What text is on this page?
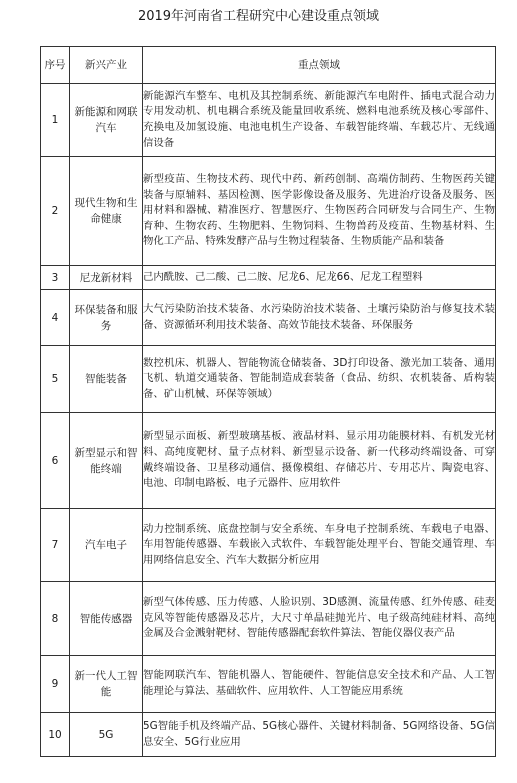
2019年河南省工程研究中心建设重点领域
序号	新兴产业	重点领域
1	新能源和网联汽车	新能源汽车整车、电机及其控制系统、新能源汽车电附件、插电式混合动力专用发动机、机电耦合系统及能量回收系统、燃料电池系统及核心零部件、充换电及加氢设施、电池电机生产设备、车载智能终端、车载芯片、无线通信设备
2	现代生物和生命健康	新型疫苗、生物技术药、现代中药、新药创制、高端仿制药、生物医药关键装备与原辅料、基因检测、医学影像设备及服务、先进治疗设备及服务、医用材料和器械、精准医疗、智慧医疗、生物医药合同研发与合同生产、生物育种、生物农药、生物肥料、生物饲料、生物兽药及疫苗、生物基材料、生物化工产品、特殊发酵产品与生物过程装备、生物质能产品和装备
3	尼龙新材料	己内酰胺、己二酸、己二胺、尼龙6、尼龙66、尼龙工程塑料
4	环保装备和服务	大气污染防治技术装备、水污染防治技术装备、土壤污染防治与修复技术装备、资源循环利用技术装备、高效节能技术装备、环保服务
5	智能装备	数控机床、机器人、智能物流仓储装备、3D打印设备、激光加工装备、通用飞机、轨道交通装备、智能制造成套装备（食品、纺织、农机装备、盾构装备、矿山机械、环保等领域）
6	新型显示和智能终端	新型显示面板、新型玻璃基板、液晶材料、显示用功能膜材料、有机发光材料、高纯度靶材、量子点材料、新型显示设备、新一代移动终端设备、可穿戴终端设备、卫星移动通信、摄像模组、存储芯片、专用芯片、陶瓷电容、电池、印制电路板、电子元器件、应用软件
7	汽车电子	动力控制系统、底盘控制与安全系统、车身电子控制系统、车载电子电器、车用智能传感器、车载嵌入式软件、车载智能处理平台、智能交通管理、车用网络信息安全、汽车大数据分析应用
8	智能传感器	新型气体传感、压力传感、人脸识别、3D感测、流量传感、红外传感、硅麦克风等智能传感器及芯片，大尺寸单晶硅抛光片、电子级高纯硅材料、高纯金属及合金溅射靶材、智能传感器配套软件算法、智能仪器仪表产品
9	新一代人工智能	智能网联汽车、智能机器人、智能硬件、智能信息安全技术和产品、人工智能理论与算法、基础软件、应用软件、人工智能应用系统
10	5G	5G智能手机及终端产品、5G核心器件、关键材料制备、5G网络设备、5G信息安全、5G行业应用
